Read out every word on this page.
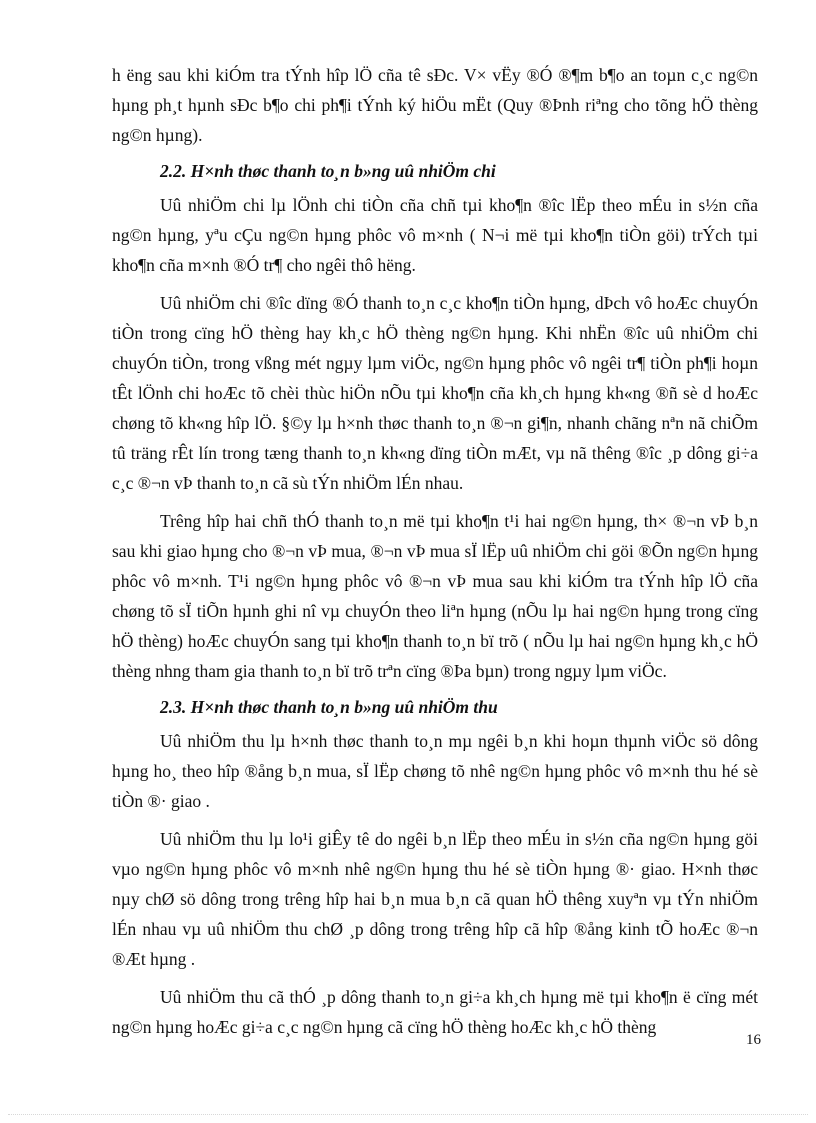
h ëng sau khi kiÓm tra tÝnh hîp lÖ cña tê sÐc. V× vËy ®Ó ®¶m b¶o an toµn c¸c ng©n hµng ph¸t hµnh sÐc b¶o chi ph¶i tÝnh ký hiÖu mËt (Quy ®Þnh riªng cho tõng hÖ thèng ng©n hµng).

2.2. H×nh thøc thanh to¸n b»ng uû nhiÖm chi

Uû nhiÖm chi lµ lÖnh chi tiÒn cña chñ tµi kho¶n ®îc lËp theo mÉu in s½n cña ng©n hµng, yªu cÇu ng©n hµng phôc vô m×nh ( N¬i më tµi kho¶n tiÒn göi) trÝch tµi kho¶n cña m×nh ®Ó tr¶ cho ngêi thô hëng.

Uû nhiÖm chi ®îc dïng ®Ó thanh to¸n c¸c kho¶n tiÒn hµng, dÞch vô hoÆc chuyÓn tiÒn trong cïng hÖ thèng hay kh¸c hÖ thèng ng©n hµng. Khi nhËn ®îc uû nhiÖm chi chuyÓn tiÒn, trong vßng mét ngµy lµm viÖc, ng©n hµng phôc vô ngêi tr¶ tiÒn ph¶i hoµn tÊt lÖnh chi hoÆc tõ chèi thùc hiÖn nÕu tµi kho¶n cña kh¸ch hµng kh«ng ®ñ sè d hoÆc chøng tõ kh«ng hîp lÖ. §©y lµ h×nh thøc thanh to¸n ®¬n gi¶n, nhanh chãng nªn nã chiÕm tû träng rÊt lín trong tæng thanh to¸n kh«ng dïng tiÒn mÆt, vµ nã thêng ®îc ¸p dông gi÷a c¸c ®¬n vÞ thanh to¸n cã sù tÝn nhiÖm lÉn nhau.

Trêng hîp hai chñ thÓ thanh to¸n më tµi kho¶n t¹i hai ng©n hµng, th× ®¬n vÞ b¸n sau khi giao hµng cho ®¬n vÞ mua, ®¬n vÞ mua sÏ lËp uû nhiÖm chi göi ®Õn ng©n hµng phôc vô m×nh. T¹i ng©n hµng phôc vô ®¬n vÞ mua sau khi kiÓm tra tÝnh hîp lÖ cña chøng tõ sÏ tiÕn hµnh ghi nî vµ chuyÓn theo liªn hµng (nÕu lµ hai ng©n hµng trong cïng hÖ thèng) hoÆc chuyÓn sang tµi kho¶n thanh to¸n bï trõ ( nÕu lµ hai ng©n hµng kh¸c hÖ thèng nhng tham gia thanh to¸n bï trõ trªn cïng ®Þa bµn) trong ngµy lµm viÖc.

2.3. H×nh thøc thanh to¸n b»ng uû nhiÖm thu

Uû nhiÖm thu lµ h×nh thøc thanh to¸n mµ ngêi b¸n khi hoµn thµnh viÖc sö dông hµng ho¸ theo hîp ®ång b¸n mua, sÏ lËp chøng tõ nhê ng©n hµng phôc vô m×nh thu hé sè tiÒn ®· giao .

Uû nhiÖm thu lµ lo¹i giÊy tê do ngêi b¸n lËp theo mÉu in s½n cña ng©n hµng göi vµo ng©n hµng phôc vô m×nh nhê ng©n hµng thu hé sè tiÒn hµng ®· giao. H×nh thøc nµy chØ sö dông trong trêng hîp hai b¸n mua b¸n cã quan hÖ thêng xuyªn vµ tÝn nhiÖm lÉn nhau vµ uû nhiÖm thu chØ ¸p dông trong trêng hîp cã hîp ®ång kinh tÕ hoÆc ®¬n ®Æt hµng .

Uû nhiÖm thu cã thÓ ¸p dông thanh to¸n gi÷a kh¸ch hµng më tµi kho¶n ë cïng mét ng©n hµng hoÆc gi÷a c¸c ng©n hµng cã cïng hÖ thèng hoÆc kh¸c hÖ thèng

16
